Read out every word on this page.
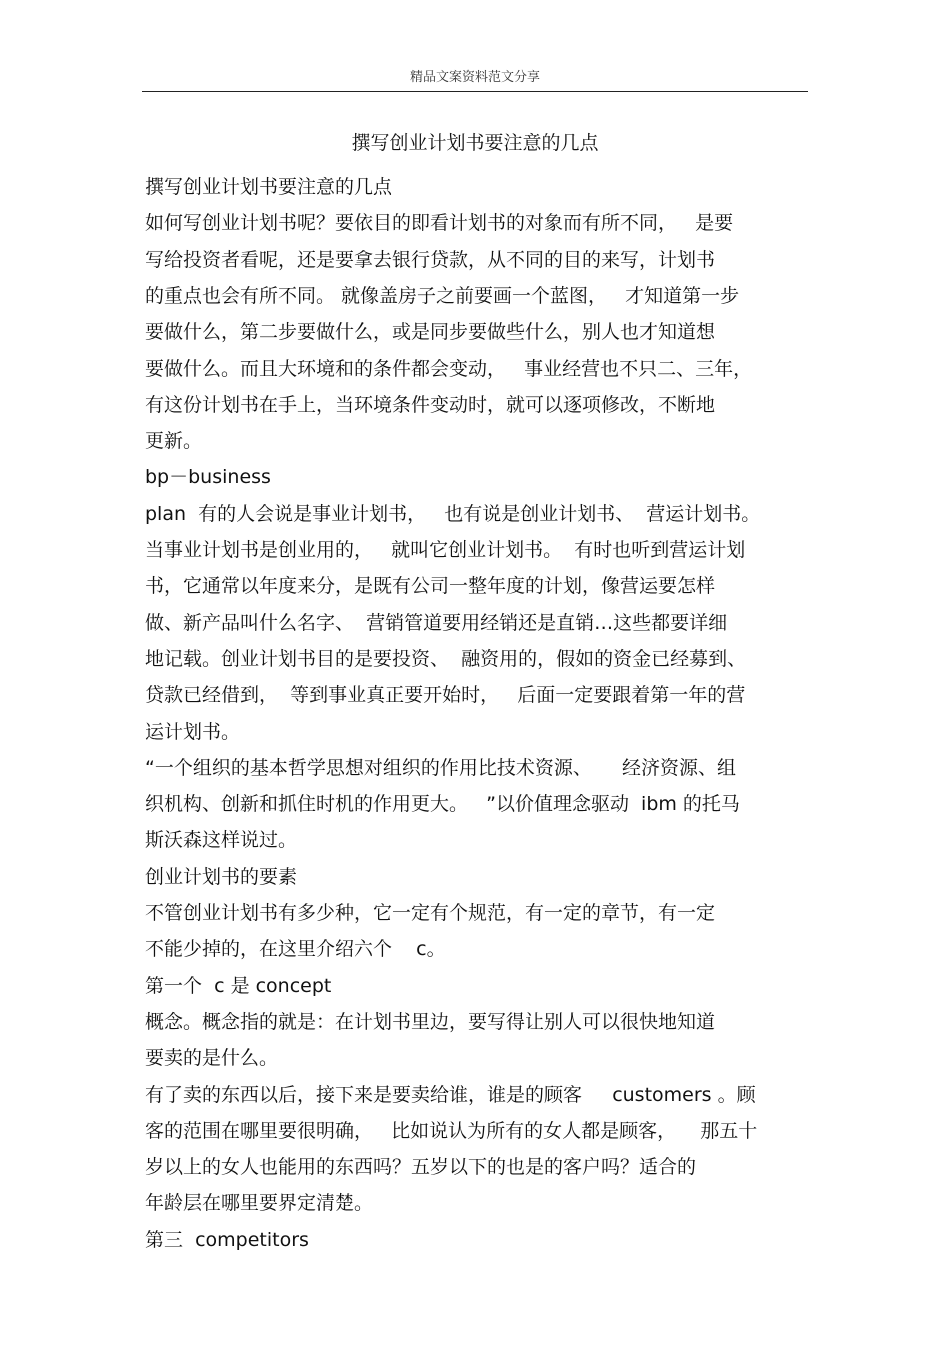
精品文案资料范文分享
撰写创业计划书要注意的几点
撰写创业计划书要注意的几点
如何写创业计划书呢？要依目的即看计划书的对象而有所不同，   是要
写给投资者看呢，还是要拿去银行贷款，从不同的目的来写，计划书
的重点也会有所不同。 就像盖房子之前要画一个蓝图，   才知道第一步
要做什么，第二步要做什么，或是同步要做些什么，别人也才知道想
要做什么。而且大环境和的条件都会变动，   事业经营也不只二、三年，
有这份计划书在手上，当环境条件变动时，就可以逐项修改，不断地
更新。
bp－business
plan  有的人会说是事业计划书，   也有说是创业计划书、  营运计划书。
当事业计划书是创业用的，   就叫它创业计划书。  有时也听到营运计划
书，它通常以年度来分，是既有公司一整年度的计划，像营运要怎样
做、新产品叫什么名字、  营销管道要用经销还是直销…这些都要详细
地记载。创业计划书目的是要投资、  融资用的，假如的资金已经募到、
贷款已经借到，  等到事业真正要开始时，   后面一定要跟着第一年的营
运计划书。
“一个组织的基本哲学思想对组织的作用比技术资源、     经济资源、组
织机构、创新和抓住时机的作用更大。   ”以价值理念驱动  ibm 的托马
斯沃森这样说过。
创业计划书的要素
不管创业计划书有多少种，它一定有个规范，有一定的章节，有一定
不能少掉的，在这里介绍六个    c。
第一个  c 是 concept
概念。概念指的就是：在计划书里边，要写得让别人可以很快地知道
要卖的是什么。
有了卖的东西以后，接下来是要卖给谁，谁是的顾客     customers 。顾
客的范围在哪里要很明确，   比如说认为所有的女人都是顾客，    那五十
岁以上的女人也能用的东西吗？五岁以下的也是的客户吗？适合的
年龄层在哪里要界定清楚。
第三  competitors
